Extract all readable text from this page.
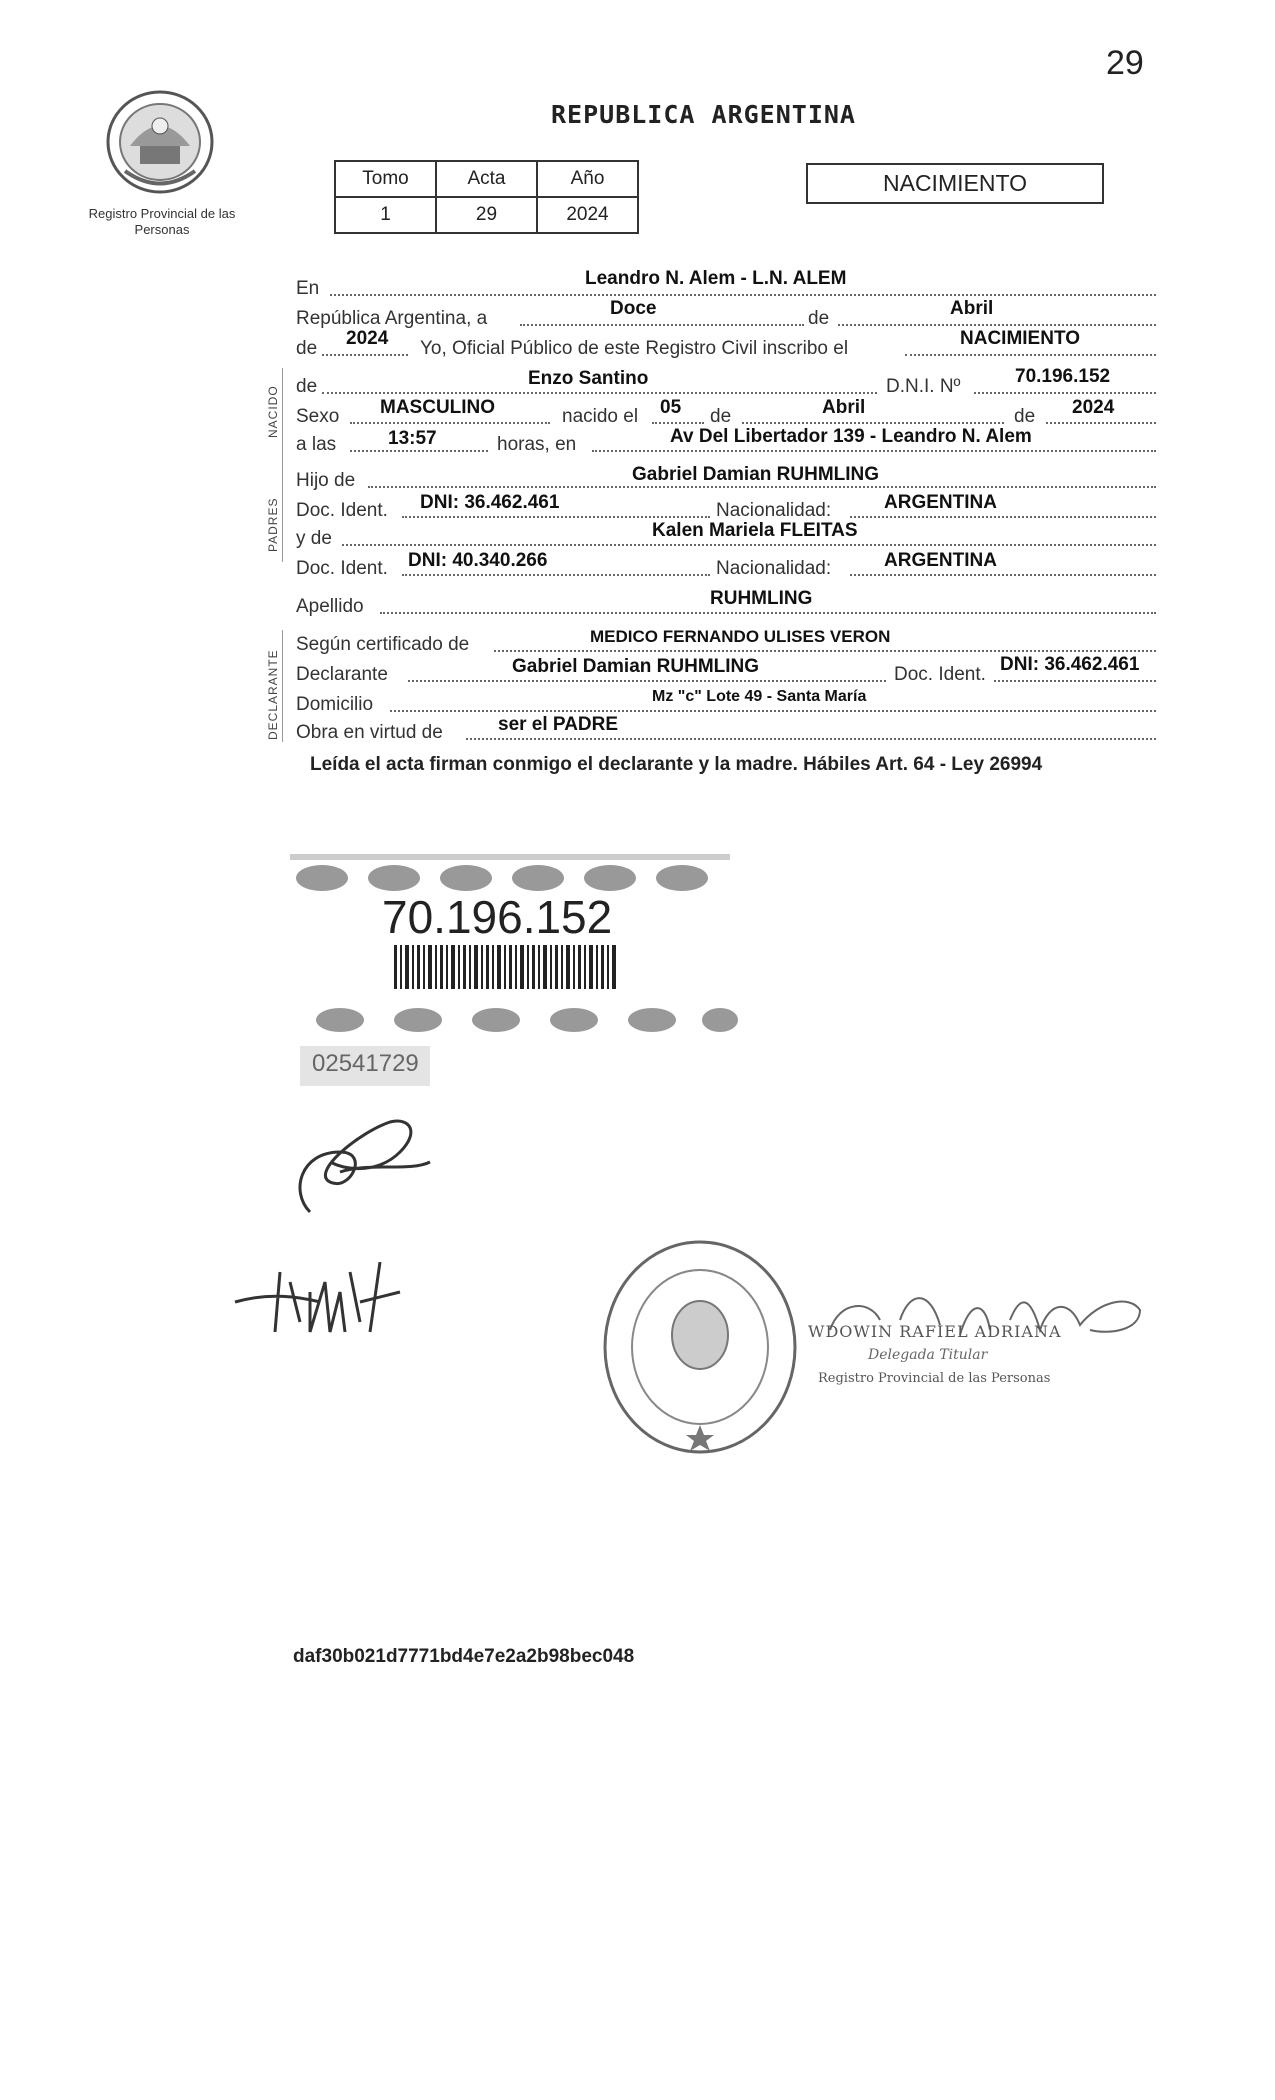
29
Registro Provincial de las Personas
REPUBLICA ARGENTINA
Tomo	Acta	Año
1	29	2024
NACIMIENTO
NACIDO
PADRES
DECLARANTE
En	Leandro N. Alem - L.N. ALEM
República Argentina, a	Doce	de	Abril
de 2024 Yo, Oficial Público de este Registro Civil inscribo el	NACIMIENTO
de	Enzo Santino	D.N.I. Nº	70.196.152
Sexo MASCULINO	nacido el 05 de	Abril	de 2024
a las	13:57	horas, en	Av Del Libertador 139 - Leandro N. Alem
Hijo de	Gabriel Damian RUHMLING
Doc. Ident. DNI: 36.462.461	Nacionalidad:	ARGENTINA
y de	Kalen Mariela FLEITAS
Doc. Ident. DNI: 40.340.266	Nacionalidad:	ARGENTINA
Apellido	RUHMLING
Según certificado de	MEDICO FERNANDO ULISES VERON
Declarante	Gabriel Damian RUHMLING	Doc. Ident. DNI: 36.462.461
Domicilio	Mz "c" Lote 49 - Santa María
Obra en virtud de	ser el PADRE
Leída el acta firman conmigo el declarante y la madre. Hábiles Art. 64 - Ley 26994
70.196.152
02541729
WDOWIN RAFIEL ADRIANA
Delegada Titular
Registro Provincial de las Personas
daf30b021d7771bd4e7e2a2b98bec048
